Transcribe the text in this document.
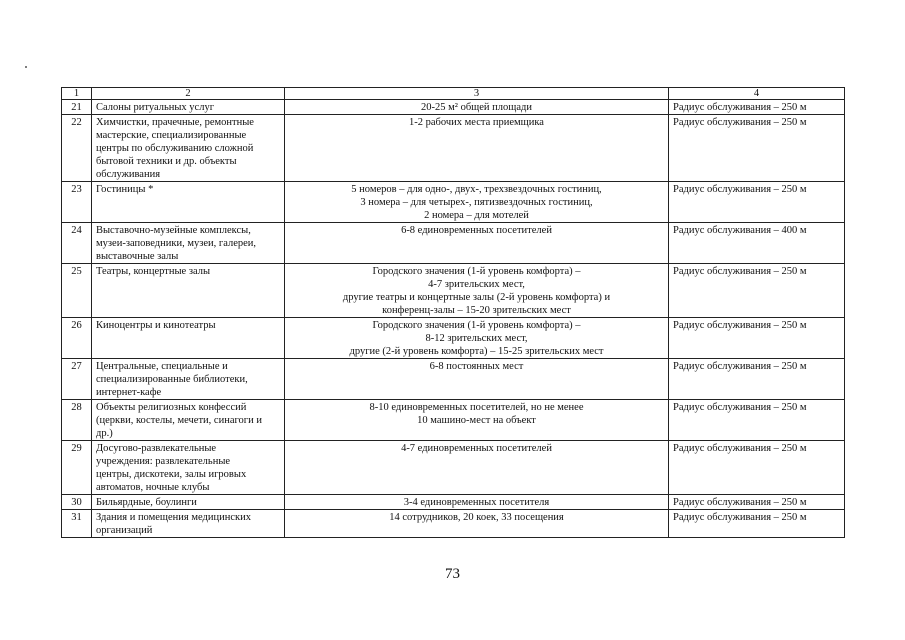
1	2	3	4
21	Салоны ритуальных услуг	20-25 м² общей площади	Радиус обслуживания – 250 м
22	Химчистки, прачечные, ремонтные
мастерские, специализированные
центры по обслуживанию сложной
бытовой техники и др. объекты
обслуживания	1-2 рабочих места приемщика	Радиус обслуживания – 250 м
23	Гостиницы *	5 номеров – для одно-, двух-, трехзвездочных гостиниц,
3 номера – для четырех-, пятизвездочных гостиниц,
2 номера – для мотелей	Радиус обслуживания – 250 м
24	Выставочно-музейные комплексы,
музеи-заповедники, музеи, галереи,
выставочные залы	6-8 единовременных посетителей	Радиус обслуживания – 400 м
25	Театры, концертные залы	Городского значения (1-й уровень комфорта) –
4-7 зрительских мест,
другие театры и концертные залы (2-й уровень комфорта) и
конференц-залы – 15-20 зрительских мест	Радиус обслуживания – 250 м
26	Киноцентры и кинотеатры	Городского значения (1-й уровень комфорта) –
8-12 зрительских мест,
другие (2-й уровень комфорта) – 15-25 зрительских мест	Радиус обслуживания – 250 м
27	Центральные, специальные и
специализированные библиотеки,
интернет-кафе	6-8 постоянных мест	Радиус обслуживания – 250 м
28	Объекты религиозных конфессий
(церкви, костелы, мечети, синагоги и
др.)	8-10 единовременных посетителей, но не менее
10 машино-мест на объект	Радиус обслуживания – 250 м
29	Досугово-развлекательные
учреждения: развлекательные
центры, дискотеки, залы игровых
автоматов, ночные клубы	4-7 единовременных посетителей	Радиус обслуживания – 250 м
30	Бильярдные, боулинги	3-4 единовременных посетителя	Радиус обслуживания – 250 м
31	Здания и помещения медицинских
организаций	14 сотрудников, 20 коек, 33 посещения	Радиус обслуживания – 250 м
73
